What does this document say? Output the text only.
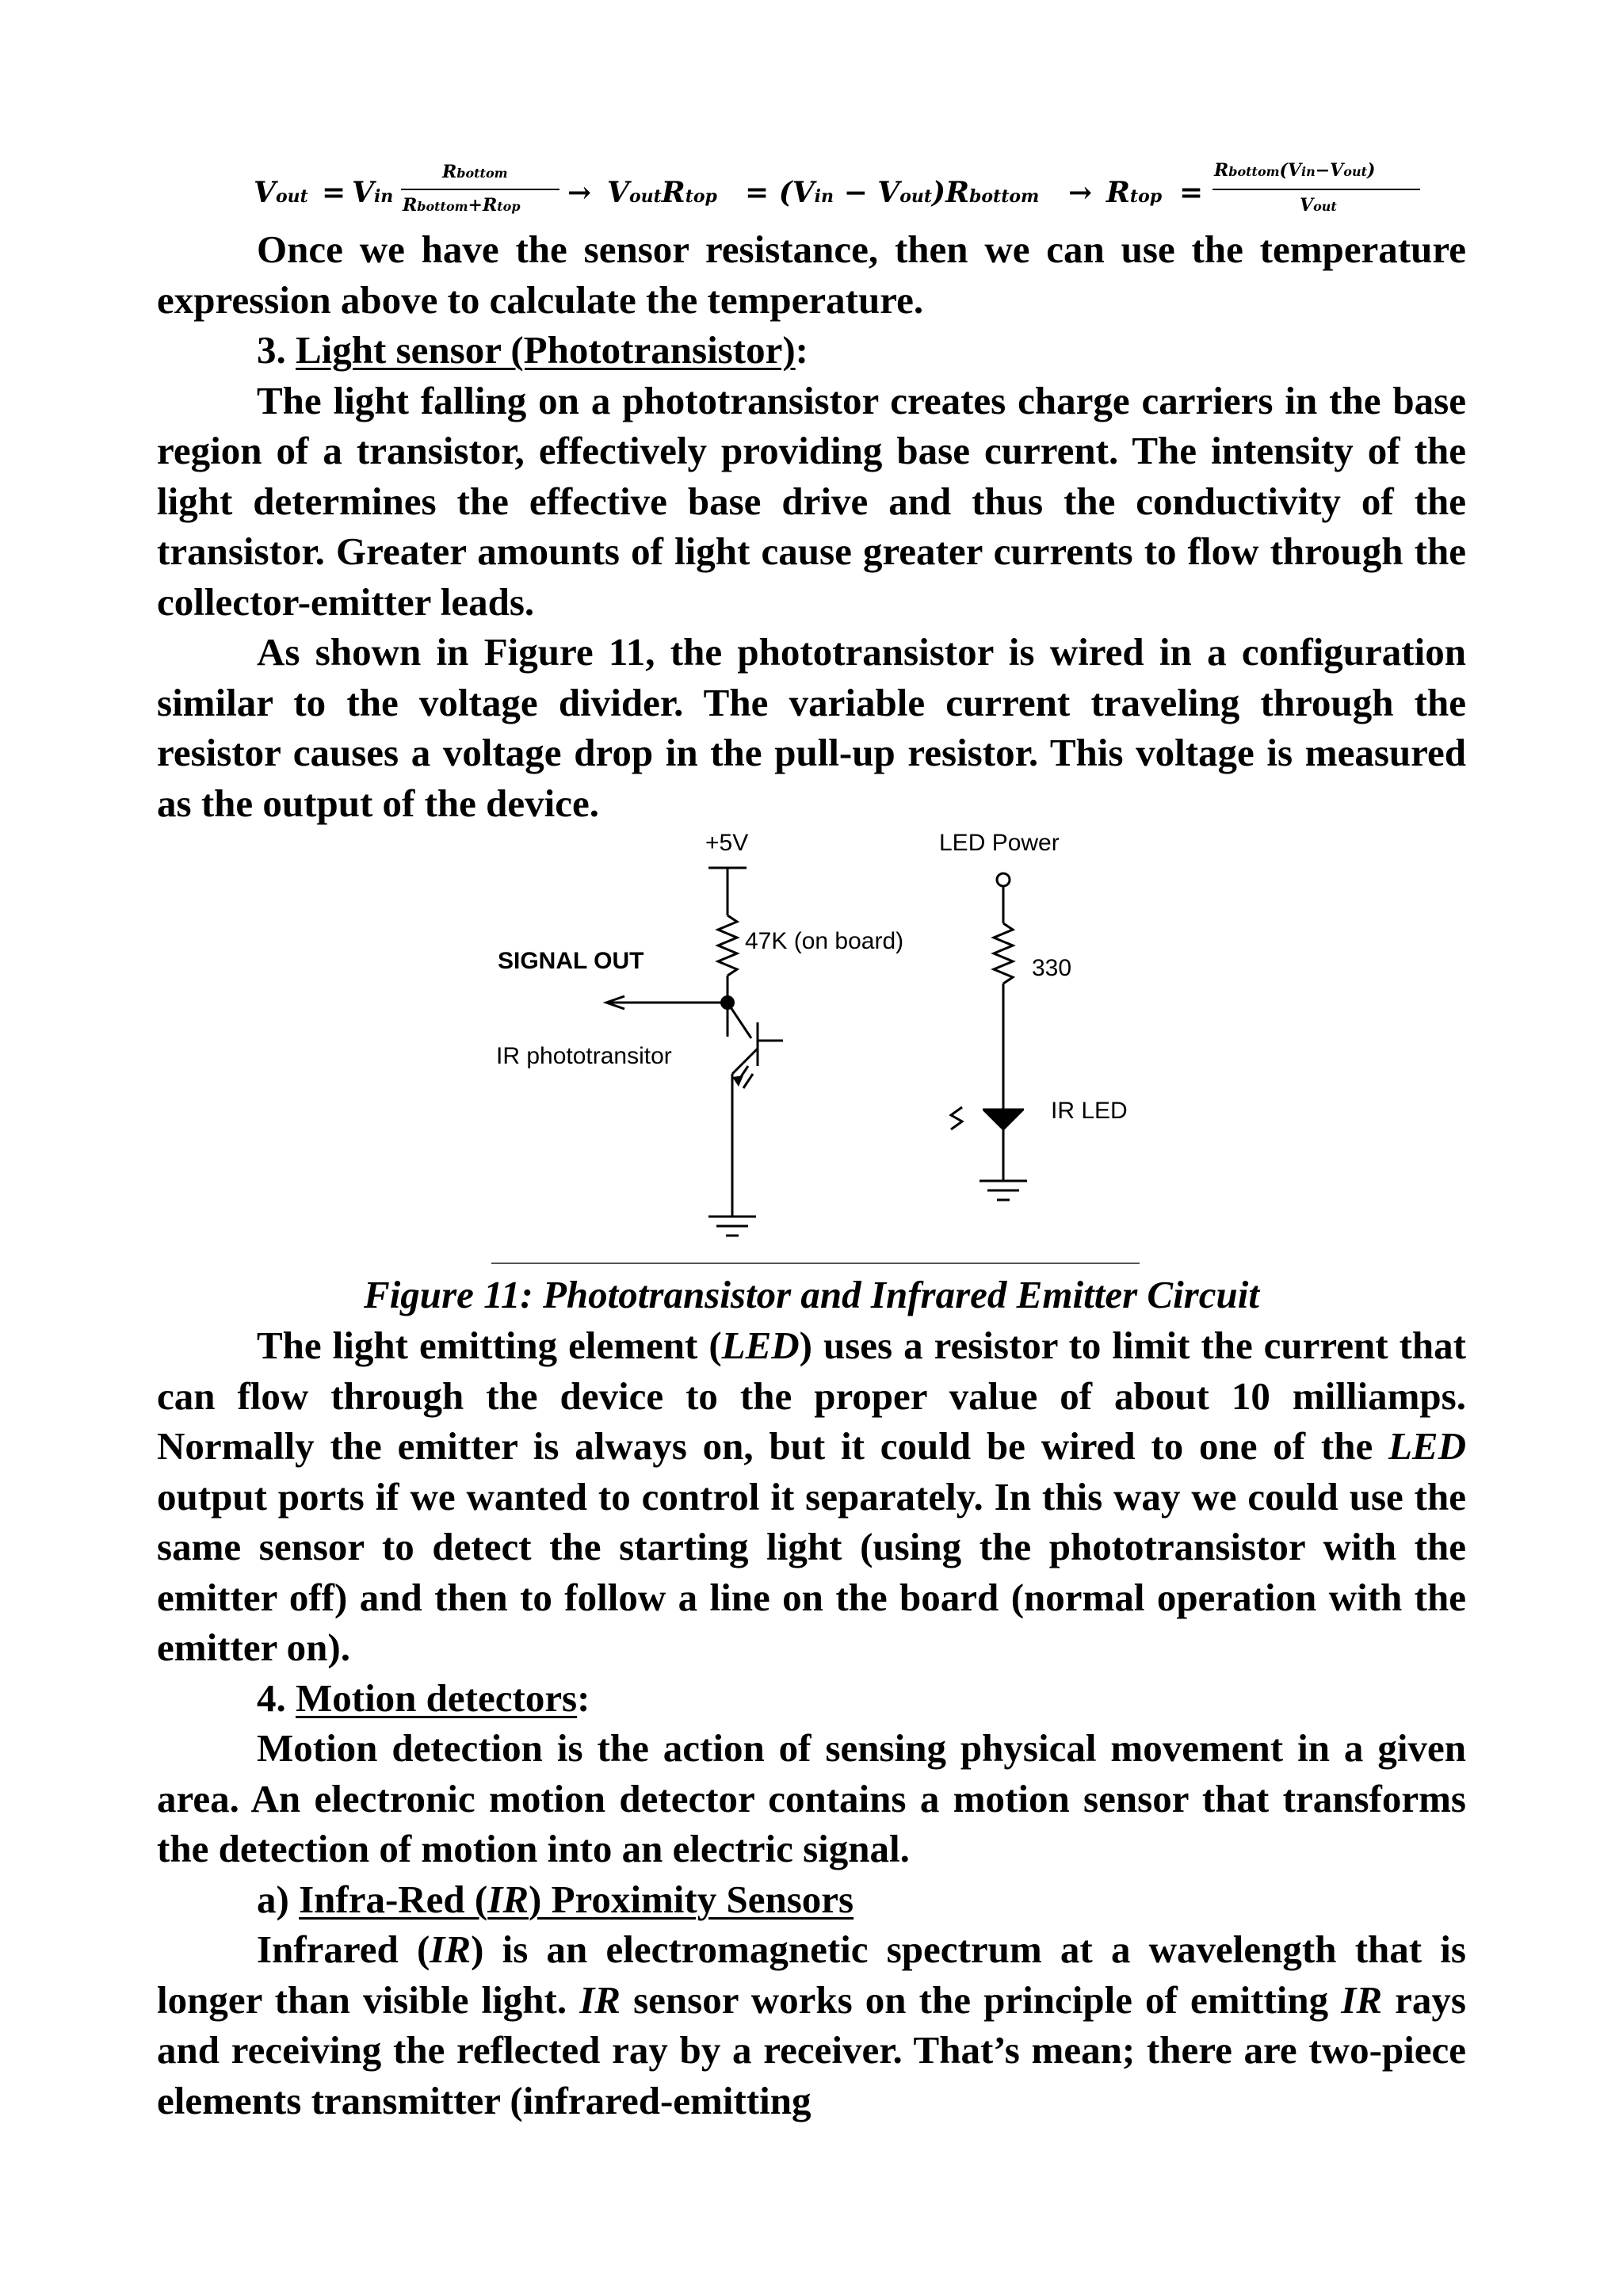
Vout = Vin
Rbottom
Rbottom+Rtop → VoutRtop = (Vin − Vout)Rbottom → Rtop =
Rbottom(Vin−Vout)
Vout

Once we have the sensor resistance, then we can use the temperature expression above to calculate the temperature.

3. Light sensor (Phototransistor):

The light falling on a phototransistor creates charge carriers in the base region of a transistor, effectively providing base current. The intensity of the light determines the effective base drive and thus the conductivity of the transistor. Greater amounts of light cause greater currents to flow through the collector-emitter leads.

As shown in Figure 11, the phototransistor is wired in a configuration similar to the voltage divider. The variable current traveling through the resistor causes a voltage drop in the pull-up resistor. This voltage is measured as the output of the device.

+5V	LED Power
47K (on board)
SIGNAL OUT	330
IR phototransitor
IR LED

Figure 11: Phototransistor and Infrared Emitter Circuit

The light emitting element (LED) uses a resistor to limit the current that can flow through the device to the proper value of about 10 milliamps. Normally the emitter is always on, but it could be wired to one of the LED output ports if we wanted to control it separately. In this way we could use the same sensor to detect the starting light (using the phototransistor with the emitter off) and then to follow a line on the board (normal operation with the emitter on).

4. Motion detectors:

Motion detection is the action of sensing physical movement in a given area. An electronic motion detector contains a motion sensor that transforms the detection of motion into an electric signal.

a) Infra-Red (IR) Proximity Sensors

Infrared (IR) is an electromagnetic spectrum at a wavelength that is longer than visible light. IR sensor works on the principle of emitting IR rays and receiving the reflected ray by a receiver. That’s mean; there are two-piece elements transmitter (infrared-emitting
